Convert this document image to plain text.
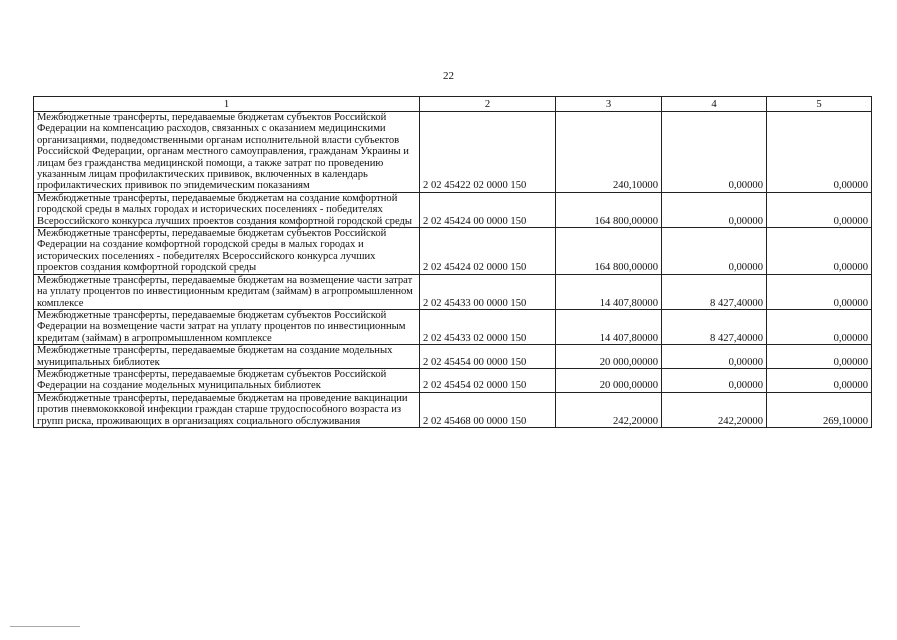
22
1	2	3	4	5
Межбюджетные трансферты, передаваемые бюджетам субъектов Российской Федерации на компенсацию расходов, связанных с оказанием медицинскими организациями, подведомственными органам исполнительной власти субъектов Российской Федерации, органам местного самоуправления, гражданам Украины и лицам без гражданства медицинской помощи, а также затрат по проведению указанным лицам профилактических прививок, включенных в календарь профилактических прививок по эпидемическим показаниям	2 02 45422 02 0000 150	240,10000	0,00000	0,00000
Межбюджетные трансферты, передаваемые бюджетам на создание комфортной городской среды в малых городах и исторических поселениях - победителях Всероссийского конкурса лучших проектов создания комфортной городской среды	2 02 45424 00 0000 150	164 800,00000	0,00000	0,00000
Межбюджетные трансферты, передаваемые бюджетам субъектов Российской Федерации на создание комфортной городской среды в малых городах и исторических поселениях - победителях Всероссийского конкурса лучших проектов создания комфортной городской среды	2 02 45424 02 0000 150	164 800,00000	0,00000	0,00000
Межбюджетные трансферты, передаваемые бюджетам на возмещение части затрат на уплату процентов по инвестиционным кредитам (займам) в агропромышленном комплексе	2 02 45433 00 0000 150	14 407,80000	8 427,40000	0,00000
Межбюджетные трансферты, передаваемые бюджетам субъектов Российской Федерации на возмещение части затрат на уплату процентов по инвестиционным кредитам (займам) в агропромышленном комплексе	2 02 45433 02 0000 150	14 407,80000	8 427,40000	0,00000
Межбюджетные трансферты, передаваемые бюджетам на создание модельных муниципальных библиотек	2 02 45454 00 0000 150	20 000,00000	0,00000	0,00000
Межбюджетные трансферты, передаваемые бюджетам субъектов Российской Федерации на создание модельных муниципальных библиотек	2 02 45454 02 0000 150	20 000,00000	0,00000	0,00000
Межбюджетные трансферты, передаваемые бюджетам на проведение вакцинации против пневмококковой инфекции граждан старше трудоспособного возраста из групп риска, проживающих в организациях социального обслуживания	2 02 45468 00 0000 150	242,20000	242,20000	269,10000
